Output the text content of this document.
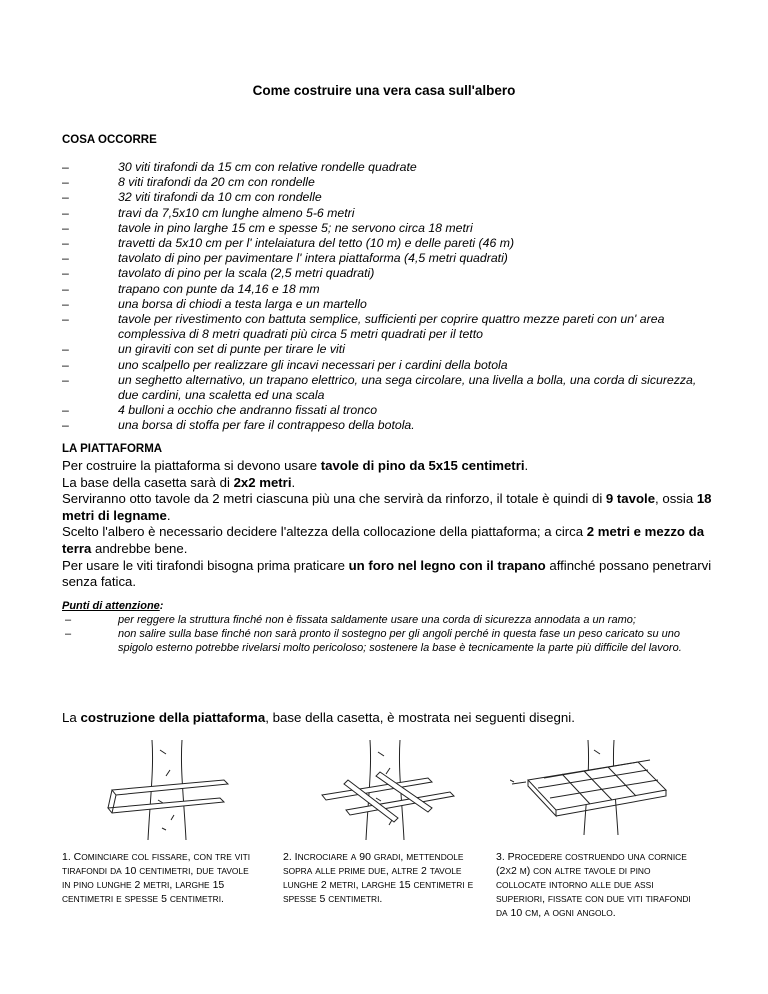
Come costruire una vera casa sull'albero
COSA OCCORRE
–	30 viti tirafondi da 15 cm con relative rondelle quadrate
–	8 viti tirafondi da 20 cm con rondelle
–	32 viti tirafondi da 10 cm con rondelle
–	travi da 7,5x10 cm lunghe almeno 5-6 metri
–	tavole in pino larghe 15 cm e spesse 5; ne servono circa 18 metri
–	travetti da 5x10 cm per l' intelaiatura del tetto (10 m) e delle pareti (46 m)
–	tavolato di pino per pavimentare l' intera piattaforma (4,5 metri quadrati)
–	tavolato di pino per la scala (2,5 metri quadrati)
–	trapano con punte da 14,16 e 18 mm
–	una borsa di chiodi a testa larga e un martello
–	tavole per rivestimento con battuta semplice, sufficienti per coprire quattro mezze pareti con un' area complessiva di 8 metri quadrati più circa 5 metri quadrati per il tetto
–	un giraviti con set di punte per tirare le viti
–	uno scalpello per realizzare gli incavi necessari per i cardini della botola
–	un seghetto alternativo, un trapano elettrico, una sega circolare, una livella a bolla, una corda di sicurezza, due cardini, una scaletta ed una scala
–	4 bulloni a occhio che andranno fissati al tronco
–	una borsa di stoffa per fare il contrappeso della botola.
LA PIATTAFORMA

Per costruire la piattaforma si devono usare tavole di pino da 5x15 centimetri.

La base della casetta sarà di 2x2 metri.

Serviranno otto tavole da 2 metri ciascuna più una che servirà da rinforzo, il totale è quindi di 9 tavole, ossia 18 metri di legname.

Scelto l'albero è necessario decidere l'altezza della collocazione della piattaforma; a circa 2 metri e mezzo da terra andrebbe bene.

Per usare le viti tirafondi bisogna prima praticare un foro nel legno con il trapano affinché possano penetrarvi senza fatica.

Punti di attenzione:
–	per reggere la struttura finché non è fissata saldamente usare una corda di sicurezza annodata a un ramo;
–	non salire sulla base finché non sarà pronto il sostegno per gli angoli perché in questa fase un peso caricato su uno spigolo esterno potrebbe rivelarsi molto pericoloso; sostenere la base è tecnicamente la parte più difficile del lavoro.
La costruzione della piattaforma, base della casetta, è mostrata nei seguenti disegni.
1. COMINCIARE COL FISSARE, CON TRE VITI TIRAFONDI DA 10 CENTIMETRI, DUE TAVOLE IN PINO LUNGHE 2 METRI, LARGHE 15 CENTIMETRI E SPESSE 5 CENTIMETRI.
2. INCROCIARE A 90 GRADI, METTENDOLE SOPRA ALLE PRIME DUE, ALTRE 2 TAVOLE LUNGHE 2 METRI, LARGHE 15 CENTIMETRI E SPESSE 5 CENTIMETRI.
3. PROCEDERE COSTRUENDO UNA CORNICE (2X2 M) CON ALTRE TAVOLE DI PINO COLLOCATE INTORNO ALLE DUE ASSI SUPERIORI, FISSATE CON DUE VITI TIRAFONDI DA 10 CM, A OGNI ANGOLO.
